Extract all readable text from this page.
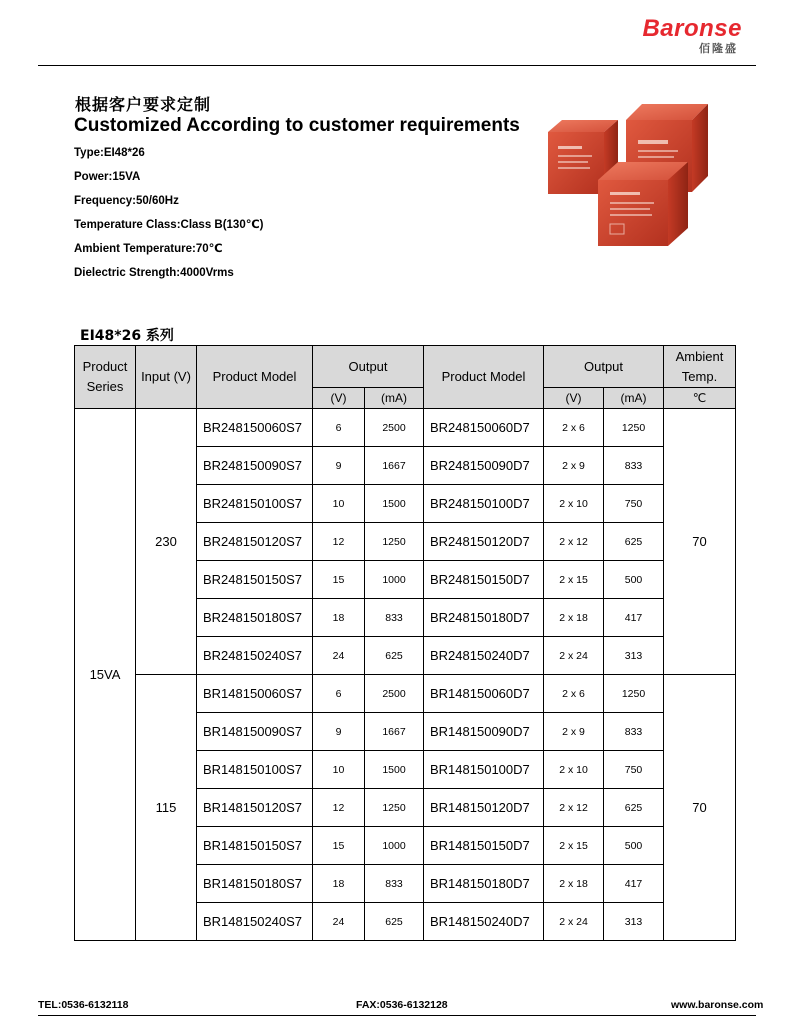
Baronse
佰隆盛
根据客户要求定制
Customized According to customer requirements
Type:EI48*26
Power:15VA
Frequency:50/60Hz
Temperature Class:Class B(130℃)
Ambient Temperature:70℃
Dielectric Strength:4000Vrms
EI48*26 系列
Product Series	Input (V)	Product Model	Output		Product Model	Output		Ambient Temp.
			(V)	(mA)		(V)	(mA)	℃
15VA	230	BR248150060S7	6	2500	BR248150060D7	2 x 6	1250	70
		BR248150090S7	9	1667	BR248150090D7	2 x 9	833	
		BR248150100S7	10	1500	BR248150100D7	2 x 10	750	
		BR248150120S7	12	1250	BR248150120D7	2 x 12	625	
		BR248150150S7	15	1000	BR248150150D7	2 x 15	500	
		BR248150180S7	18	833	BR248150180D7	2 x 18	417	
		BR248150240S7	24	625	BR248150240D7	2 x 24	313	
	115	BR148150060S7	6	2500	BR148150060D7	2 x 6	1250	70
		BR148150090S7	9	1667	BR148150090D7	2 x 9	833	
		BR148150100S7	10	1500	BR148150100D7	2 x 10	750	
		BR148150120S7	12	1250	BR148150120D7	2 x 12	625	
		BR148150150S7	15	1000	BR148150150D7	2 x 15	500	
		BR148150180S7	18	833	BR148150180D7	2 x 18	417	
		BR148150240S7	24	625	BR148150240D7	2 x 24	313	
TEL:0536-6132118	FAX:0536-6132128	www.baronse.com
